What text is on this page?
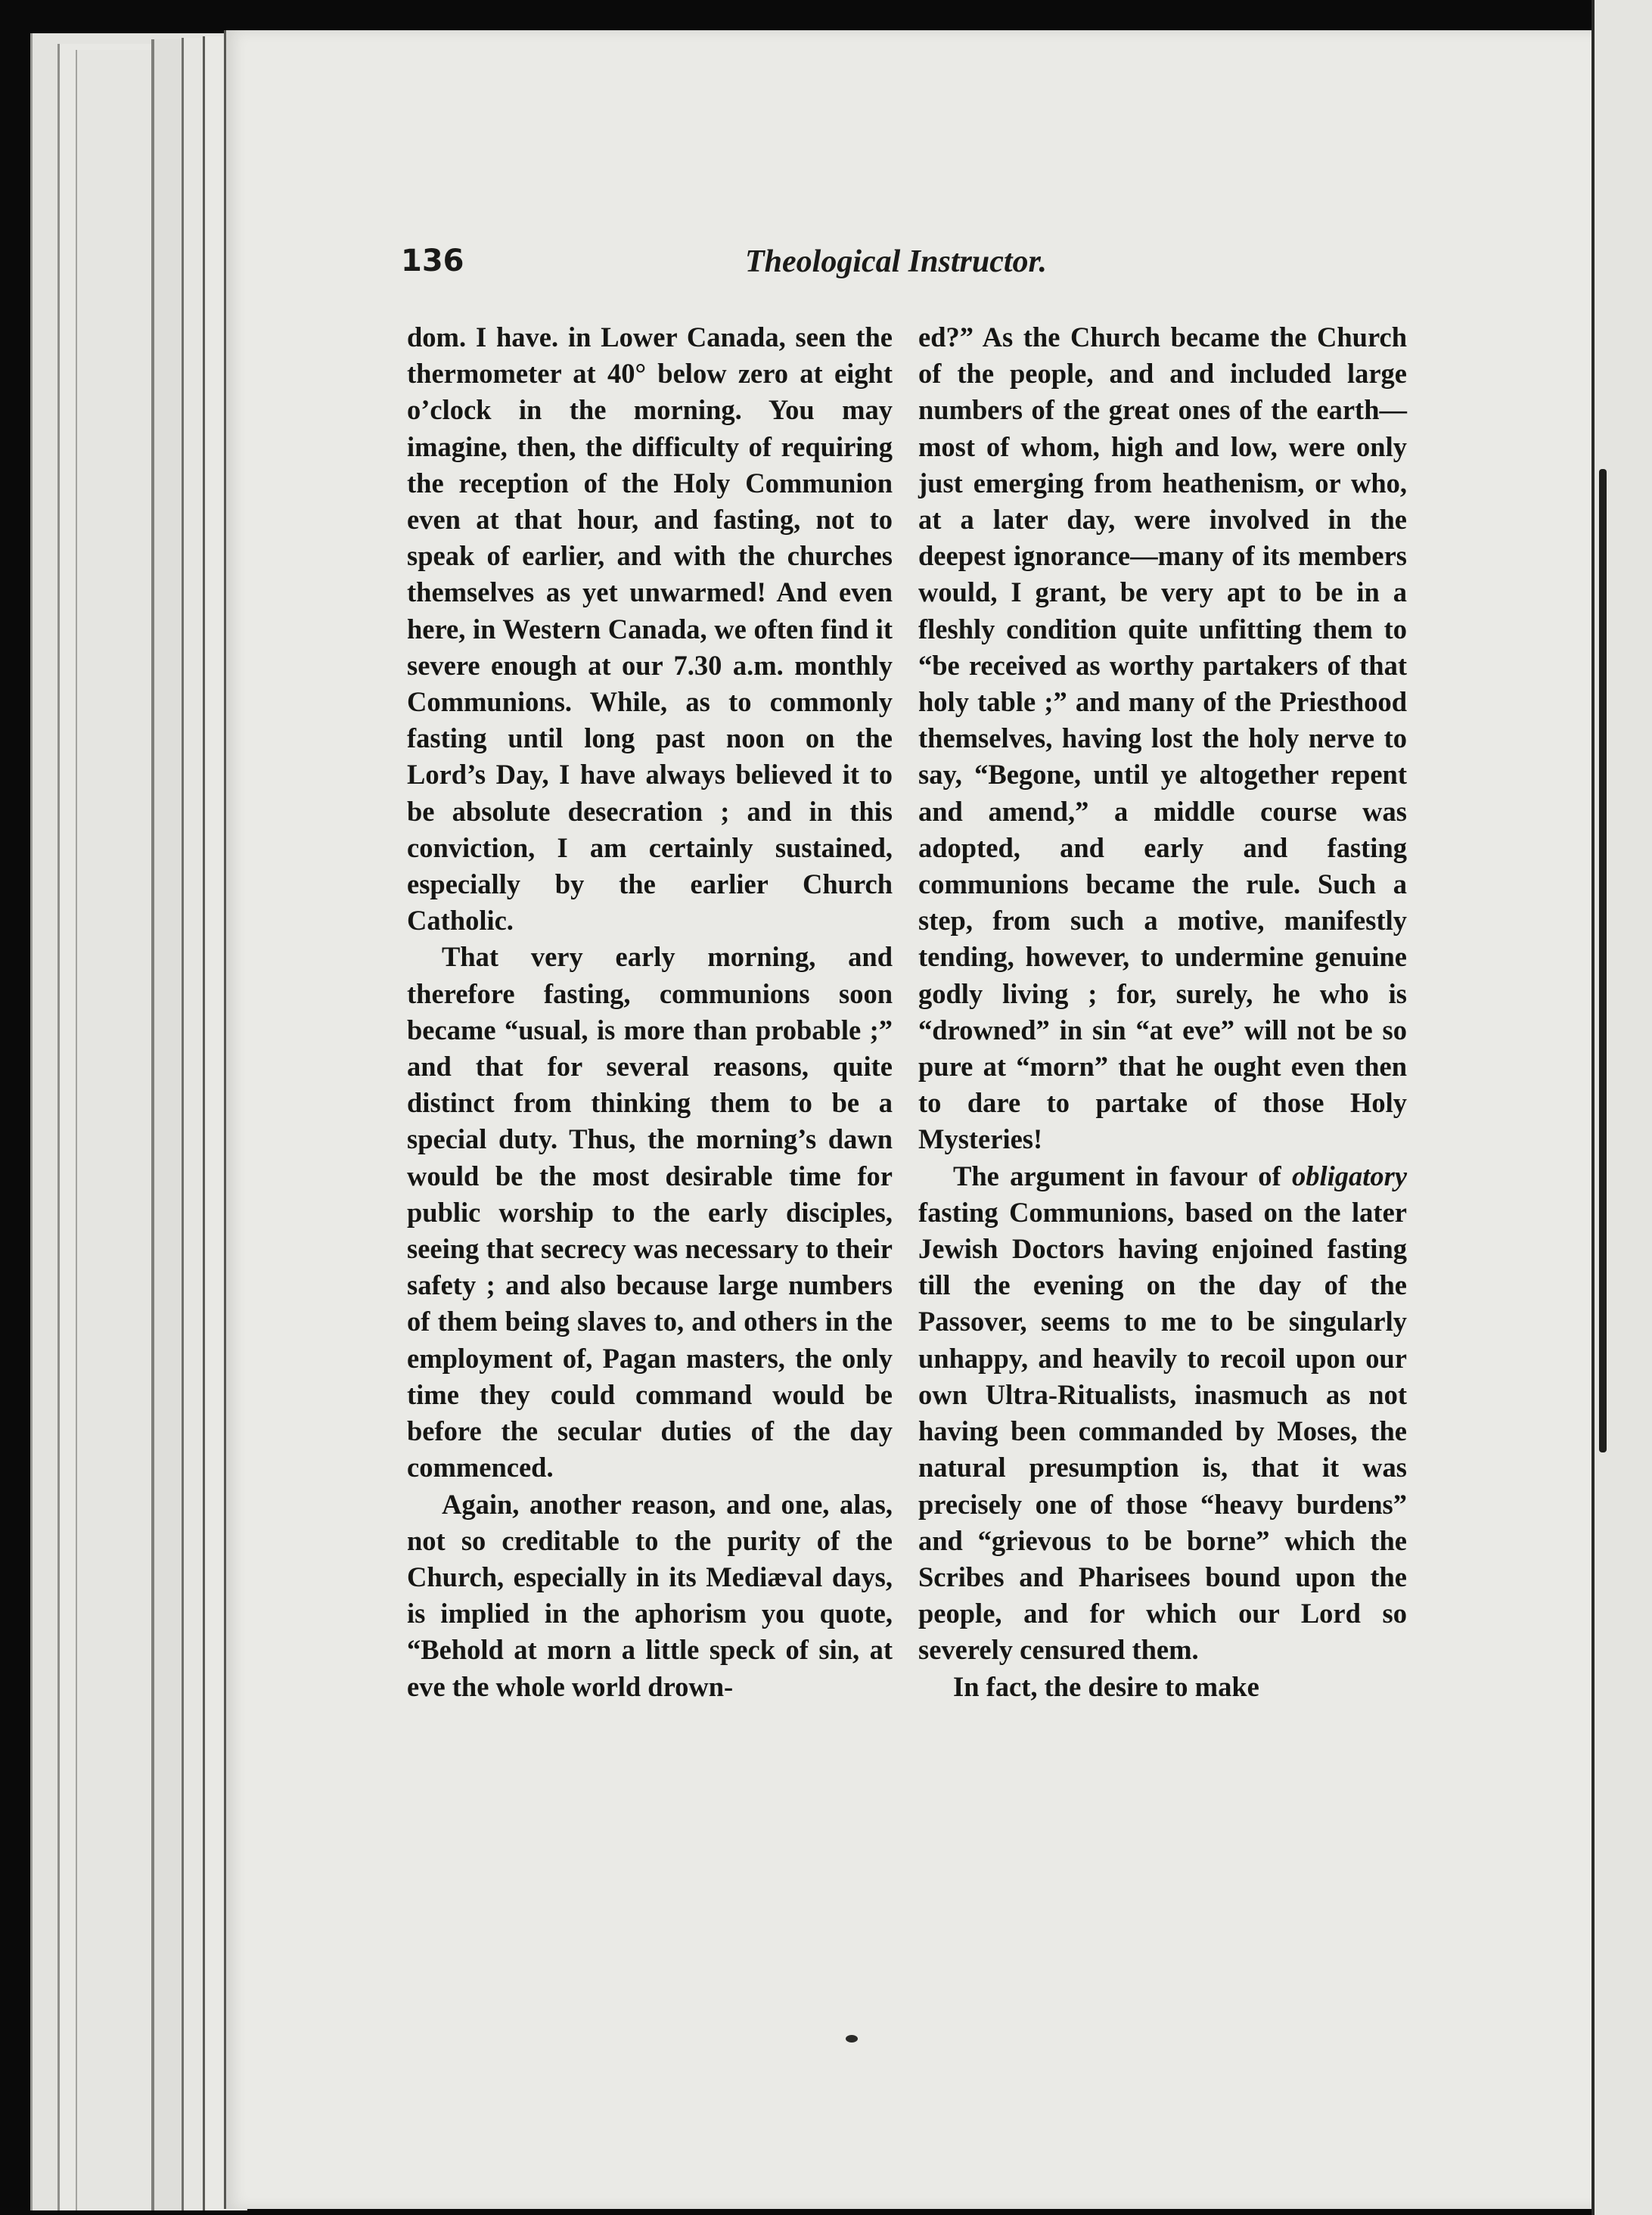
136	Theological Instructor.

dom. I have. in Lower Canada, seen the thermometer at 40° below zero at eight o’clock in the morning. You may imagine, then, the difficulty of requiring the reception of the Holy Communion even at that hour, and fasting, not to speak of earlier, and with the churches themselves as yet unwarmed! And even here, in Western Canada, we often find it severe enough at our 7.30 a.m. monthly Communions. While, as to commonly fasting until long past noon on the Lord’s Day, I have always believed it to be absolute desecration ; and in this conviction, I am certainly sustained, especially by the earlier Church Catholic.

That very early morning, and therefore fasting, communions soon became “usual, is more than probable ;” and that for several reasons, quite distinct from thinking them to be a special duty. Thus, the morning’s dawn would be the most desirable time for public worship to the early disciples, seeing that secrecy was necessary to their safety ; and also because large numbers of them being slaves to, and others in the employment of, Pagan masters, the only time they could command would be before the secular duties of the day commenced.

Again, another reason, and one, alas, not so creditable to the purity of the Church, especially in its Mediæval days, is implied in the aphorism you quote, “Behold at morn a little speck of sin, at eve the whole world drown-

ed?” As the Church became the Church of the people, and and included large numbers of the great ones of the earth—most of whom, high and low, were only just emerging from heathenism, or who, at a later day, were involved in the deepest ignorance—many of its members would, I grant, be very apt to be in a fleshly condition quite unfitting them to “be received as worthy partakers of that holy table ;” and many of the Priesthood themselves, having lost the holy nerve to say, “Begone, until ye altogether repent and amend,” a middle course was adopted, and early and fasting communions became the rule. Such a step, from such a motive, manifestly tending, however, to undermine genuine godly living ; for, surely, he who is “drowned” in sin “at eve” will not be so pure at “morn” that he ought even then to dare to partake of those Holy Mysteries!

The argument in favour of obligatory fasting Communions, based on the later Jewish Doctors having enjoined fasting till the evening on the day of the Passover, seems to me to be singularly unhappy, and heavily to recoil upon our own Ultra-Ritualists, inasmuch as not having been commanded by Moses, the natural presumption is, that it was precisely one of those “heavy burdens” and “grievous to be borne” which the Scribes and Pharisees bound upon the people, and for which our Lord so severely censured them.

In fact, the desire to make
